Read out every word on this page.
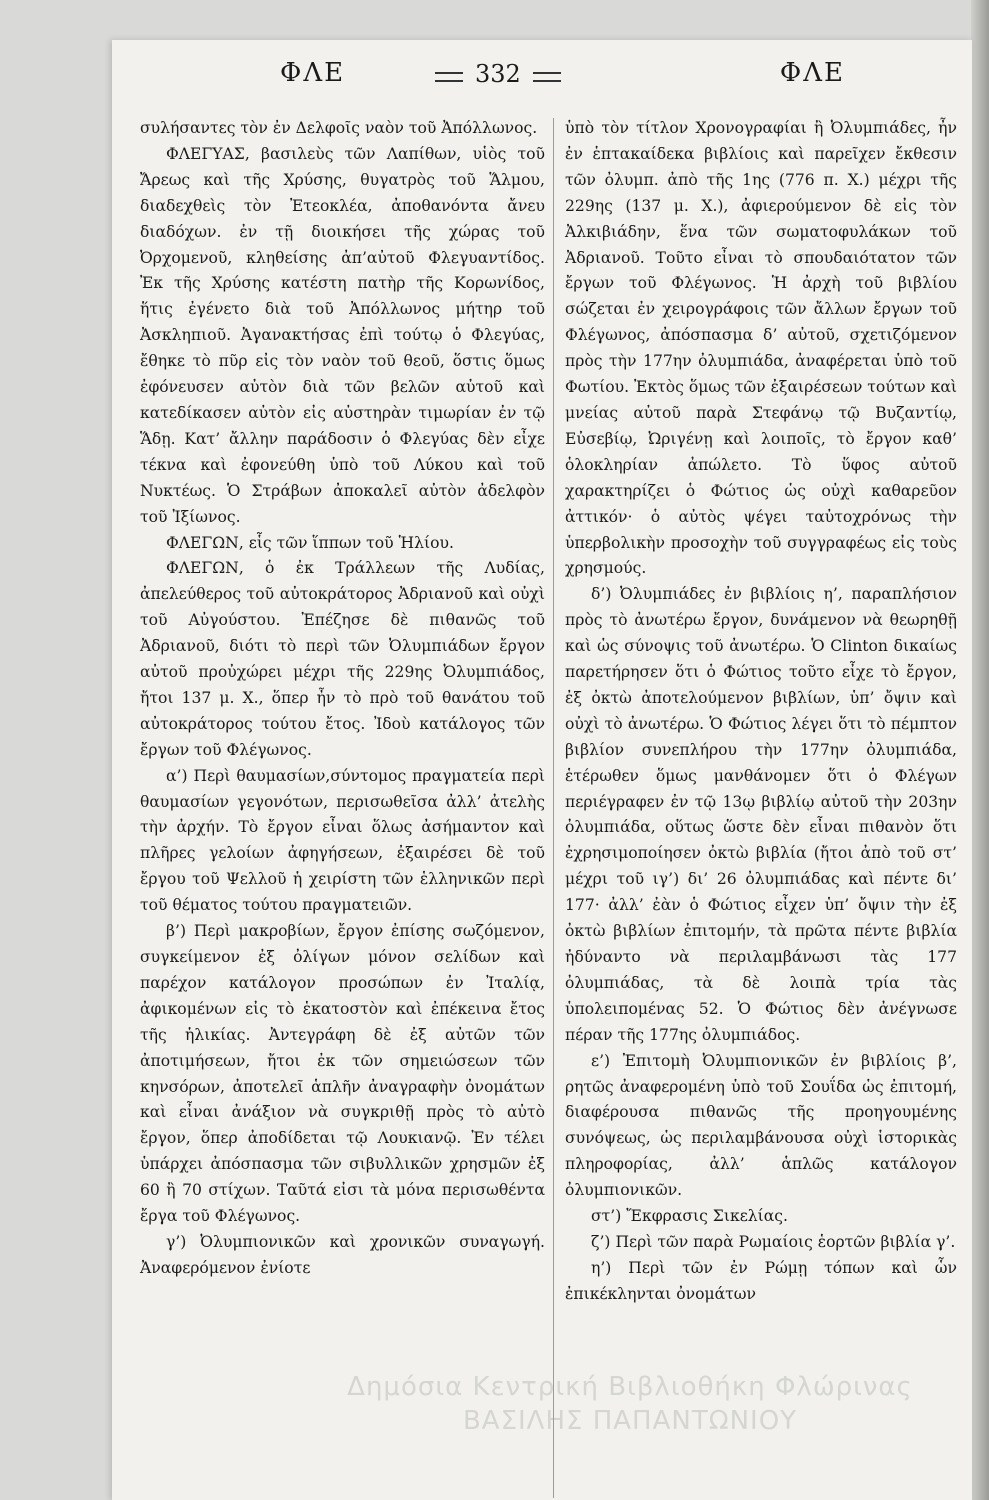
ΦΛΕ	332	ΦΛΕ

συλήσαντες τὸν ἐν Δελφοῖς ναὸν τοῦ Ἀπόλλωνος.

ΦΛΕΓΥΑΣ, βασιλεὺς τῶν Λαπίθων, υἱὸς τοῦ Ἄρεως καὶ τῆς Χρύσης, θυγατρὸς τοῦ Ἅλμου, διαδεχθεὶς τὸν Ἐτεοκλέα, ἀποθανόντα ἄνευ διαδόχων. ἐν τῇ διοικήσει τῆς χώρας τοῦ Ὀρχομενοῦ, κληθείσης ἀπ’αὐτοῦ Φλεγυαντίδος. Ἐκ τῆς Χρύσης κατέστη πατὴρ τῆς Κορωνίδος, ἥτις ἐγένετο διὰ τοῦ Ἀπόλλωνος μήτηρ τοῦ Ἀσκληπιοῦ. Ἀγανακτήσας ἐπὶ τούτῳ ὁ Φλεγύας, ἔθηκε τὸ πῦρ εἰς τὸν ναὸν τοῦ θεοῦ, ὅστις ὅμως ἐφόνευσεν αὐτὸν διὰ τῶν βελῶν αὐτοῦ καὶ κατεδίκασεν αὐτὸν εἰς αὐστηρὰν τιμωρίαν ἐν τῷ Ἅδῃ. Κατ’ ἄλλην παράδοσιν ὁ Φλεγύας δὲν εἶχε τέκνα καὶ ἐφονεύθη ὑπὸ τοῦ Λύκου καὶ τοῦ Νυκτέως. Ὁ Στράβων ἀποκαλεῖ αὐτὸν ἀδελφὸν τοῦ Ἰξίωνος.

ΦΛΕΓΩΝ, εἷς τῶν ἵππων τοῦ Ἡλίου.

ΦΛΕΓΩΝ, ὁ ἐκ Τράλλεων τῆς Λυδίας, ἀπελεύθερος τοῦ αὐτοκράτορος Ἀδριανοῦ καὶ οὐχὶ τοῦ Αὐγούστου. Ἐπέζησε δὲ πιθανῶς τοῦ Ἀδριανοῦ, διότι τὸ περὶ τῶν Ὀλυμπιάδων ἔργον αὐτοῦ προὐχώρει μέχρι τῆς 229ης Ὀλυμπιάδος, ἤτοι 137 μ. Χ., ὅπερ ἦν τὸ πρὸ τοῦ θανάτου τοῦ αὐτοκράτορος τούτου ἔτος. Ἰδοὺ κατάλογος τῶν ἔργων τοῦ Φλέγωνος.

α’) Περὶ θαυμασίων,σύντομος πραγματεία περὶ θαυμασίων γεγονότων, περισωθεῖσα ἀλλ’ ἀτελὴς τὴν ἀρχήν. Τὸ ἔργον εἶναι ὅλως ἀσήμαντον καὶ πλῆρες γελοίων ἀφηγήσεων, ἐξαιρέσει δὲ τοῦ ἔργου τοῦ Ψελλοῦ ἡ χειρίστη τῶν ἑλληνικῶν περὶ τοῦ θέματος τούτου πραγματειῶν.

β’) Περὶ μακροβίων, ἔργον ἐπίσης σωζόμενον, συγκείμενον ἐξ ὀλίγων μόνον σελίδων καὶ παρέχον κατάλογον προσώπων ἐν Ἰταλίᾳ, ἀφικομένων εἰς τὸ ἑκατοστὸν καὶ ἐπέκεινα ἔτος τῆς ἡλικίας. Ἀντεγράφη δὲ ἐξ αὐτῶν τῶν ἀποτιμήσεων, ἤτοι ἐκ τῶν σημειώσεων τῶν κηνσόρων, ἀποτελεῖ ἁπλῆν ἀναγραφὴν ὀνομάτων καὶ εἶναι ἀνάξιον νὰ συγκριθῇ πρὸς τὸ αὐτὸ ἔργον, ὅπερ ἀποδίδεται τῷ Λουκιανῷ. Ἐν τέλει ὑπάρχει ἀπόσπασμα τῶν σιβυλλικῶν χρησμῶν ἐξ 60 ἢ 70 στίχων. Ταῦτά εἰσι τὰ μόνα περισωθέντα ἔργα τοῦ Φλέγωνος.

γ’) Ὀλυμπιονικῶν καὶ χρονικῶν συναγωγή. Ἀναφερόμενον ἐνίοτε

ὑπὸ τὸν τίτλον Χρονογραφίαι ἢ Ὀλυμπιάδες, ἦν ἐν ἑπτακαίδεκα βιβλίοις καὶ παρεῖχεν ἔκθεσιν τῶν ὀλυμπ. ἀπὸ τῆς 1ης (776 π. Χ.) μέχρι τῆς 229ης (137 μ. Χ.), ἀφιερούμενον δὲ εἰς τὸν Ἀλκιβιάδην, ἕνα τῶν σωματοφυλάκων τοῦ Ἀδριανοῦ. Τοῦτο εἶναι τὸ σπουδαιότατον τῶν ἔργων τοῦ Φλέγωνος. Ἡ ἀρχὴ τοῦ βιβλίου σώζεται ἐν χειρογράφοις τῶν ἄλλων ἔργων τοῦ Φλέγωνος, ἀπόσπασμα δ’ αὐτοῦ, σχετιζόμενον πρὸς τὴν 177ην ὀλυμπιάδα, ἀναφέρεται ὑπὸ τοῦ Φωτίου. Ἐκτὸς ὅμως τῶν ἐξαιρέσεων τούτων καὶ μνείας αὐτοῦ παρὰ Στεφάνῳ τῷ Βυζαντίῳ, Εὐσεβίῳ, Ὠριγένῃ καὶ λοιποῖς, τὸ ἔργον καθ’ ὁλοκληρίαν ἀπώλετο. Τὸ ὕφος αὐτοῦ χαρακτηρίζει ὁ Φώτιος ὡς οὐχὶ καθαρεῦον ἀττικόν· ὁ αὐτὸς ψέγει ταὐτοχρόνως τὴν ὑπερβολικὴν προσοχὴν τοῦ συγγραφέως εἰς τοὺς χρησμούς.

δ’) Ὀλυμπιάδες ἐν βιβλίοις η’, παραπλήσιον πρὸς τὸ ἀνωτέρω ἔργον, δυνάμενον νὰ θεωρηθῇ καὶ ὡς σύνοψις τοῦ ἀνωτέρω. Ὁ Clinton δικαίως παρετήρησεν ὅτι ὁ Φώτιος τοῦτο εἶχε τὸ ἔργον, ἐξ ὀκτὼ ἀποτελούμενον βιβλίων, ὑπ’ ὄψιν καὶ οὐχὶ τὸ ἀνωτέρω. Ὁ Φώτιος λέγει ὅτι τὸ πέμπτον βιβλίον συνεπλήρου τὴν 177ην ὀλυμπιάδα, ἑτέρωθεν ὅμως μανθάνομεν ὅτι ὁ Φλέγων περιέγραφεν ἐν τῷ 13ῳ βιβλίῳ αὐτοῦ τὴν 203ην ὀλυμπιάδα, οὕτως ὥστε δὲν εἶναι πιθανὸν ὅτι ἐχρησιμοποίησεν ὀκτὼ βιβλία (ἤτοι ἀπὸ τοῦ στ’ μέχρι τοῦ ιγ’) δι’ 26 ὀλυμπιάδας καὶ πέντε δι’ 177· ἀλλ’ ἐὰν ὁ Φώτιος εἶχεν ὑπ’ ὄψιν τὴν ἐξ ὀκτὼ βιβλίων ἐπιτομήν, τὰ πρῶτα πέντε βιβλία ἠδύναντο νὰ περιλαμβάνωσι τὰς 177 ὀλυμπιάδας, τὰ δὲ λοιπὰ τρία τὰς ὑπολειπομένας 52. Ὁ Φώτιος δὲν ἀνέγνωσε πέραν τῆς 177ης ὀλυμπιάδος.

ε’) Ἐπιτομὴ Ὀλυμπιονικῶν ἐν βιβλίοις β’, ρητῶς ἀναφερομένη ὑπὸ τοῦ Σουΐδα ὡς ἐπιτομή, διαφέρουσα πιθανῶς τῆς προηγουμένης συνόψεως, ὡς περιλαμβάνουσα οὐχὶ ἱστορικὰς πληροφορίας, ἀλλ’ ἁπλῶς κατάλογον ὀλυμπιονικῶν.

στ’) Ἔκφρασις Σικελίας.

ζ’) Περὶ τῶν παρὰ Ρωμαίοις ἑορτῶν βιβλία γ’.

η’) Περὶ τῶν ἐν Ρώμῃ τόπων καὶ ὧν ἐπικέκληνται ὀνομάτων

Δημόσια Κεντρική Βιβλιοθήκη Φλώρινας ΒΑΣΙΛΗΣ ΠΑΠΑΝΤΩΝΙΟΥ
